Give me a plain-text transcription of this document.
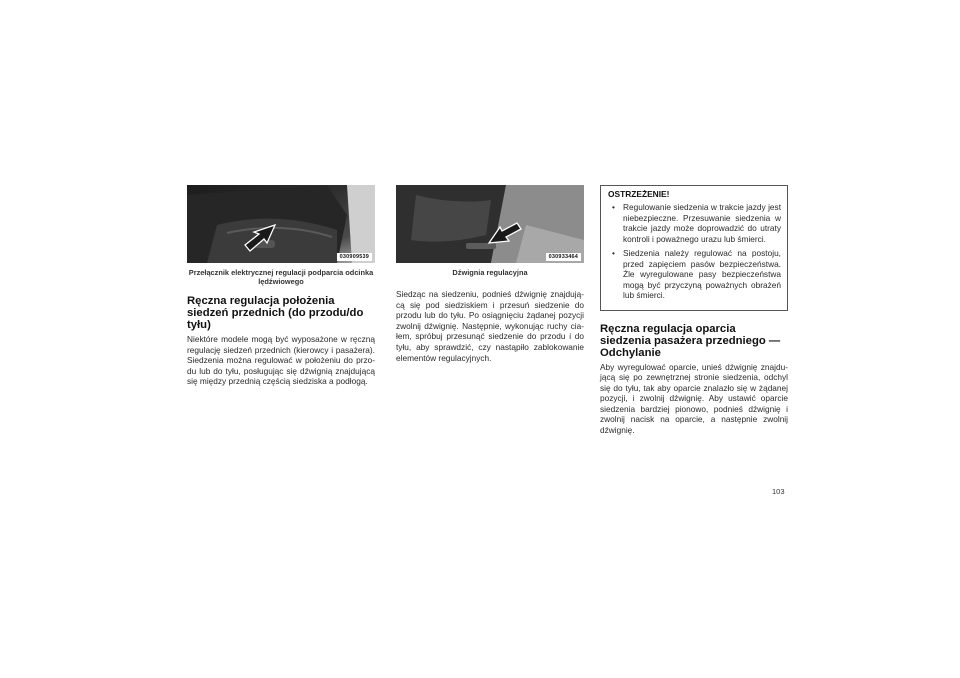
030909539
Przełącznik elektrycznej regulacji podparcia odcinka lędźwiowego
Ręczna regulacja położenia siedzeń przednich (do przodu/do tyłu)

Niektóre modele mogą być wyposażone w ręczną regulację siedzeń przednich (kierowcy i pasażera). Siedzenia można regulować w położeniu do przo-du lub do tyłu, posługując się dźwignią znajdującą się między przednią częścią siedziska a podłogą.

030933464
Dźwignia regulacyjna

Siedząc na siedzeniu, podnieś dźwignię znajdują-cą się pod siedziskiem i przesuń siedzenie do przodu lub do tyłu. Po osiągnięciu żądanej pozycji zwolnij dźwignię. Następnie, wykonując ruchy cia-łem, spróbuj przesunąć siedzenie do przodu i do tyłu, aby sprawdzić, czy nastąpiło zablokowanie elementów regulacyjnych.

OSTRZEŻENIE!
• Regulowanie siedzenia w trakcie jazdy jest niebezpieczne. Przesuwanie siedzenia w trakcie jazdy może doprowadzić do utraty kontroli i poważnego urazu lub śmierci.
• Siedzenia należy regulować na postoju, przed zapięciem pasów bezpieczeństwa. Źle wyregulowane pasy bezpieczeństwa mogą być przyczyną poważnych obrażeń lub śmierci.
Ręczna regulacja oparcia siedzenia pasażera przedniego — Odchylanie

Aby wyregulować oparcie, unieś dźwignię znajdu-jącą się po zewnętrznej stronie siedzenia, odchyl się do tyłu, tak aby oparcie znalazło się w żądanej pozycji, i zwolnij dźwignię. Aby ustawić oparcie siedzenia bardziej pionowo, podnieś dźwignię i zwolnij nacisk na oparcie, a następnie zwolnij dźwignię.

103
